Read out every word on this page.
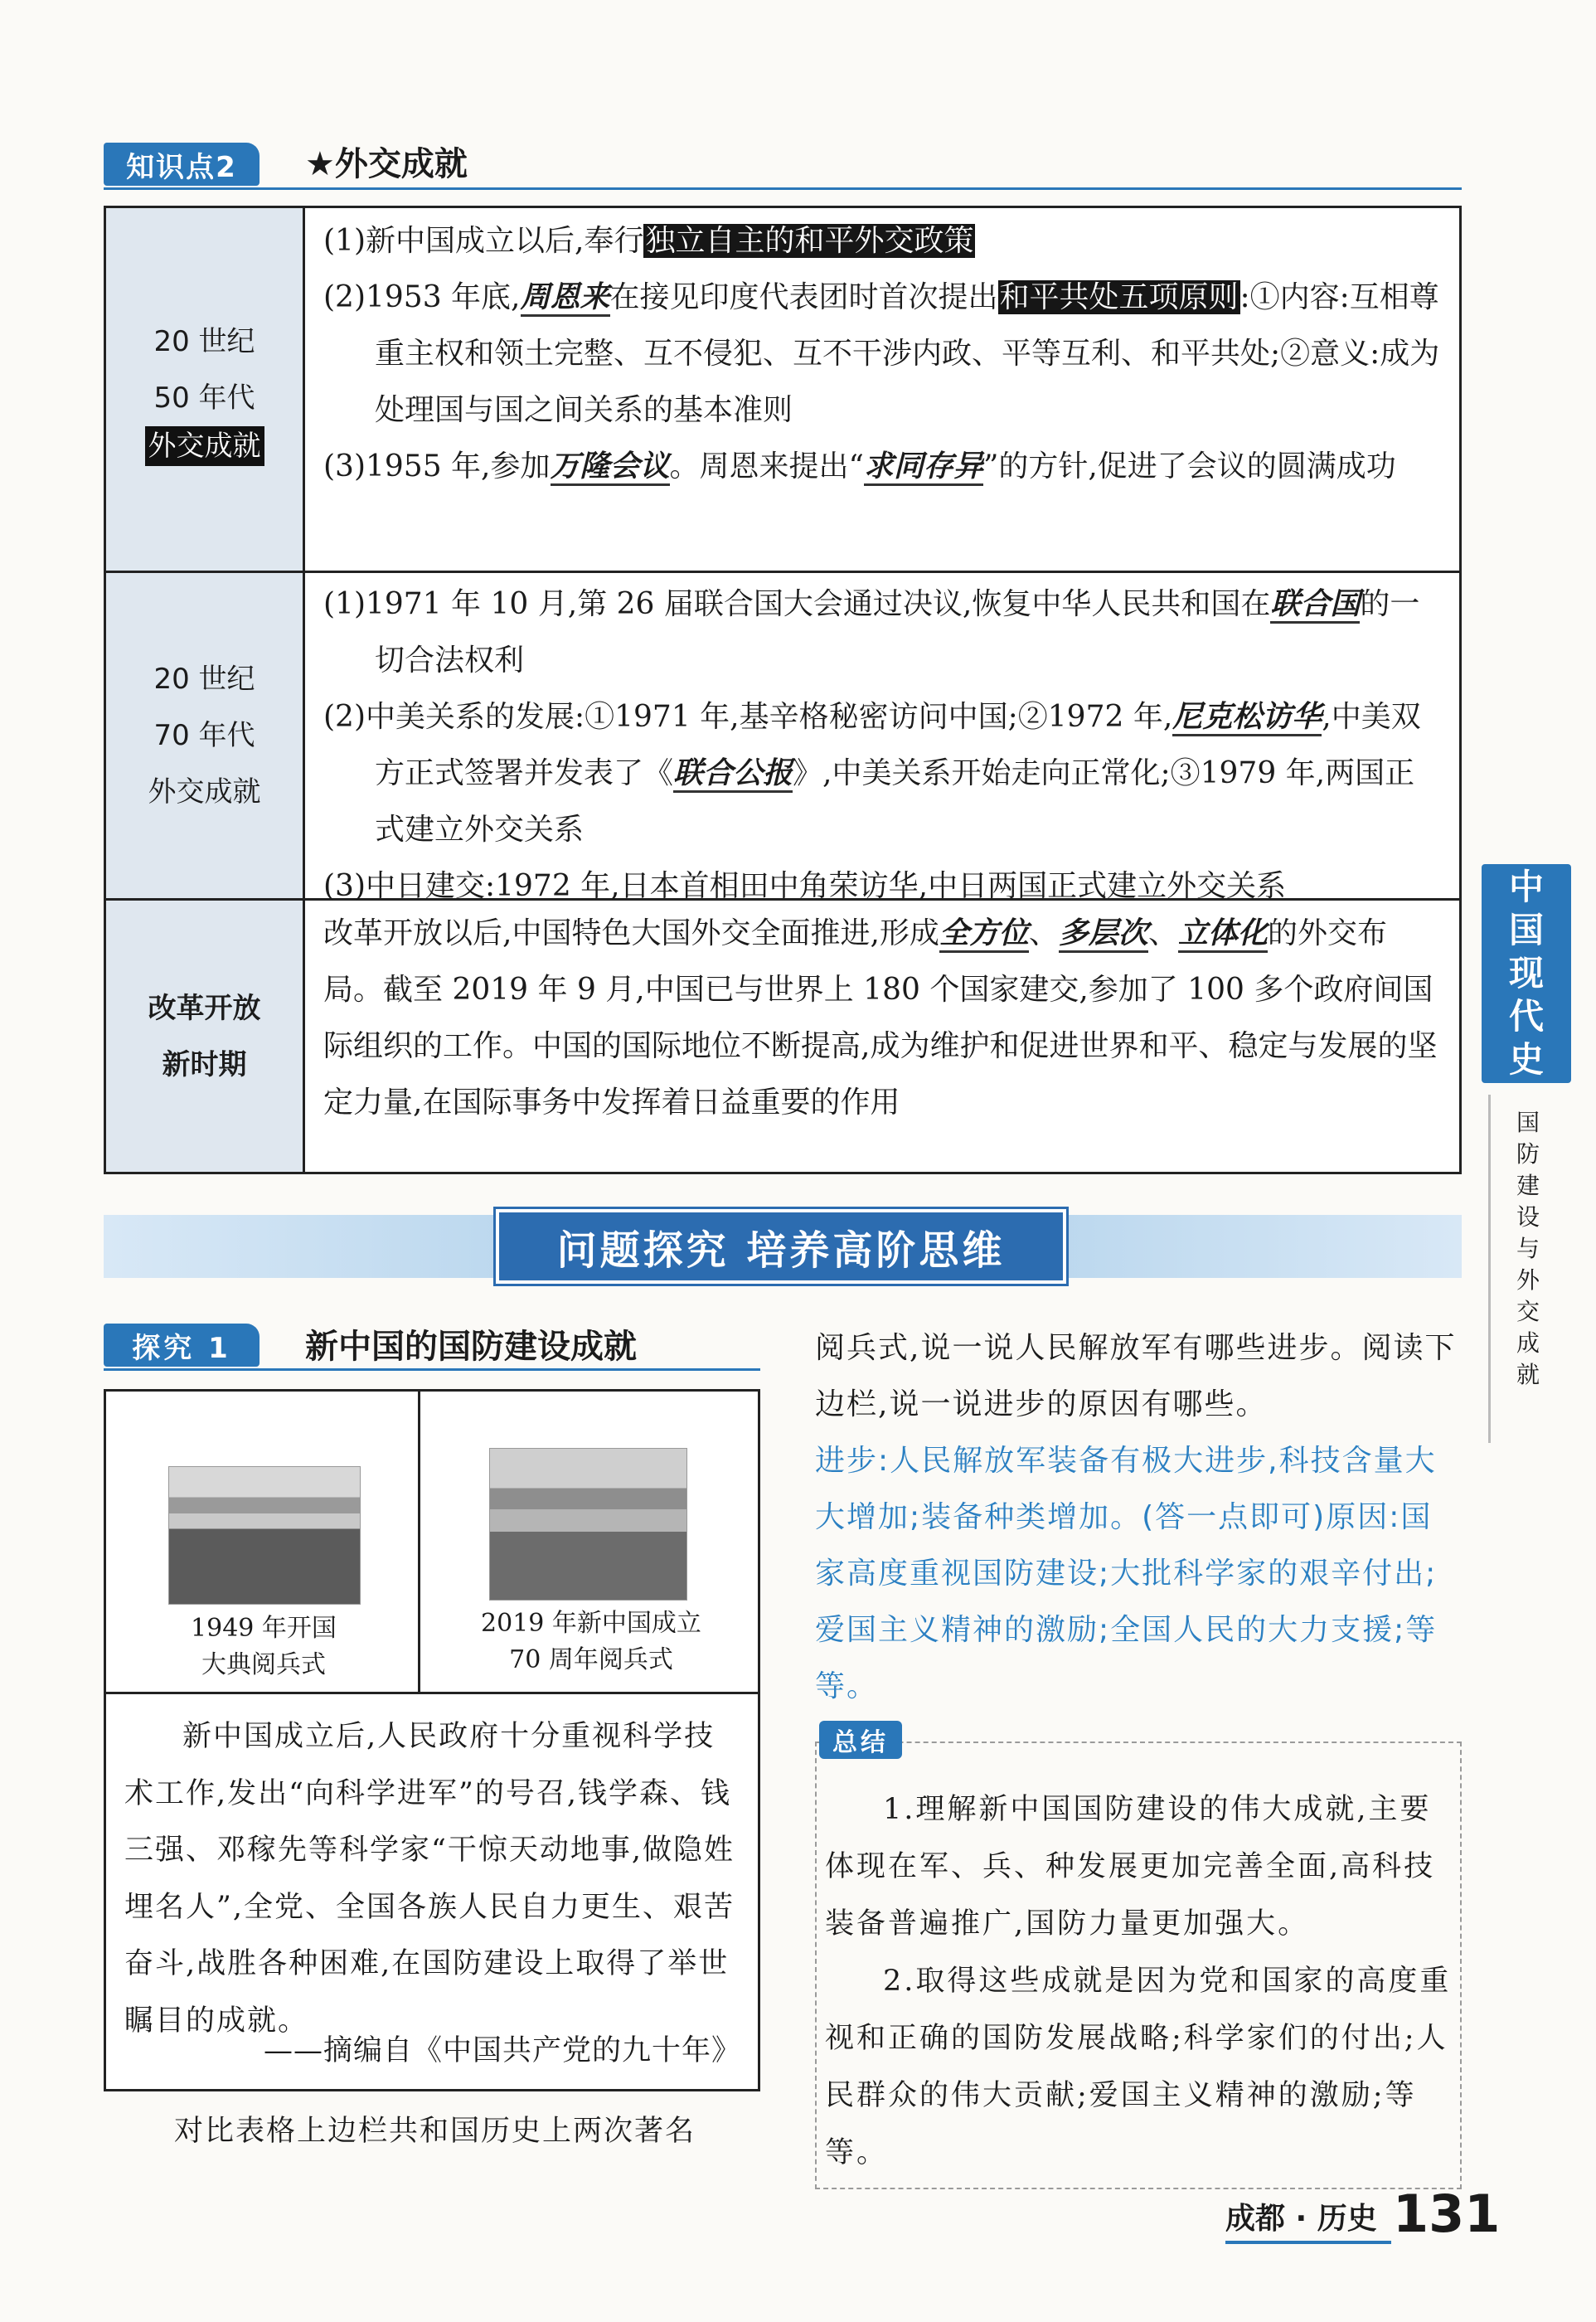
知识点2	★外交成就
20 世纪
50 年代
外交成就
(1)新中国成立以后,奉行独立自主的和平外交政策
(2)1953 年底,周恩来在接见印度代表团时首次提出和平共处五项原则:①内容:互相尊重主权和领土完整、互不侵犯、互不干涉内政、平等互利、和平共处;②意义:成为处理国与国之间关系的基本准则
(3)1955 年,参加万隆会议。周恩来提出“求同存异”的方针,促进了会议的圆满成功
20 世纪
70 年代
外交成就
(1)1971 年 10 月,第 26 届联合国大会通过决议,恢复中华人民共和国在联合国的一切合法权利
(2)中美关系的发展:①1971 年,基辛格秘密访问中国;②1972 年,尼克松访华,中美双方正式签署并发表了《联合公报》,中美关系开始走向正常化;③1979 年,两国正式建立外交关系
(3)中日建交:1972 年,日本首相田中角荣访华,中日两国正式建立外交关系
改革开放
新时期
改革开放以后,中国特色大国外交全面推进,形成全方位、多层次、立体化的外交布局。截至 2019 年 9 月,中国已与世界上 180 个国家建交,参加了 100 多个政府间国际组织的工作。中国的国际地位不断提高,成为维护和促进世界和平、稳定与发展的坚定力量,在国际事务中发挥着日益重要的作用
问题探究 培养高阶思维
探究 1	新中国的国防建设成就
1949 年开国
大典阅兵式
2019 年新中国成立
70 周年阅兵式
新中国成立后,人民政府十分重视科学技术工作,发出“向科学进军”的号召,钱学森、钱三强、邓稼先等科学家“干惊天动地事,做隐姓埋名人”,全党、全国各族人民自力更生、艰苦奋斗,战胜各种困难,在国防建设上取得了举世瞩目的成就。
——摘编自《中国共产党的九十年》
对比表格上边栏共和国历史上两次著名
阅兵式,说一说人民解放军有哪些进步。阅读下边栏,说一说进步的原因有哪些。
进步:人民解放军装备有极大进步,科技含量大大增加;装备种类增加。(答一点即可)原因:国家高度重视国防建设;大批科学家的艰辛付出;爱国主义精神的激励;全国人民的大力支援;等等。
总结
1.理解新中国国防建设的伟大成就,主要体现在军、兵、种发展更加完善全面,高科技装备普遍推广,国防力量更加强大。
2.取得这些成就是因为党和国家的高度重视和正确的国防发展战略;科学家们的付出;人民群众的伟大贡献;爱国主义精神的激励;等等。
中
国
现
代
史
国
防
建
设
与
外
交
成
就
成都 · 历史 131
